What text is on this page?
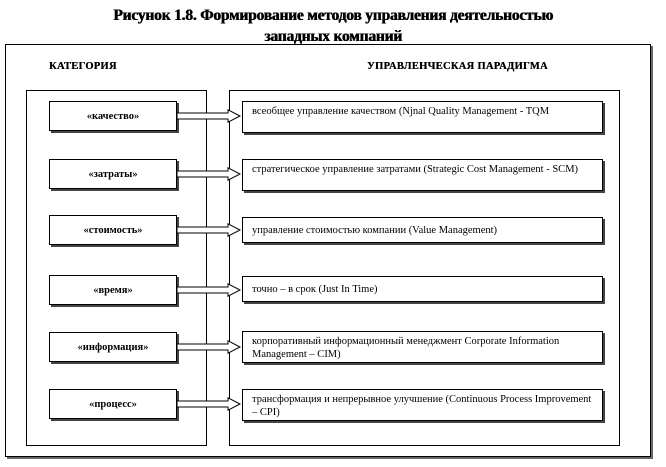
Рисунок 1.8. Формирование методов управления деятельностью
западных компаний
КАТЕГОРИЯ	УПРАВЛЕНЧЕСКАЯ ПАРАДИГМА
«качество»	всеобщее управление качеством (Njnal Quality Management - TQM
«затраты»	стратегическое управление затратами (Strategic Cost Management - SCM)
«стоимость»	управление стоимостью компании (Value Management)
«время»	точно – в срок (Just In Time)
«информация»	корпоративный информационный менеджмент Corporate Information Management – CIM)
«процесс»	трансформация и непрерывное улучшение (Continuous Process Improvement – CPI)
